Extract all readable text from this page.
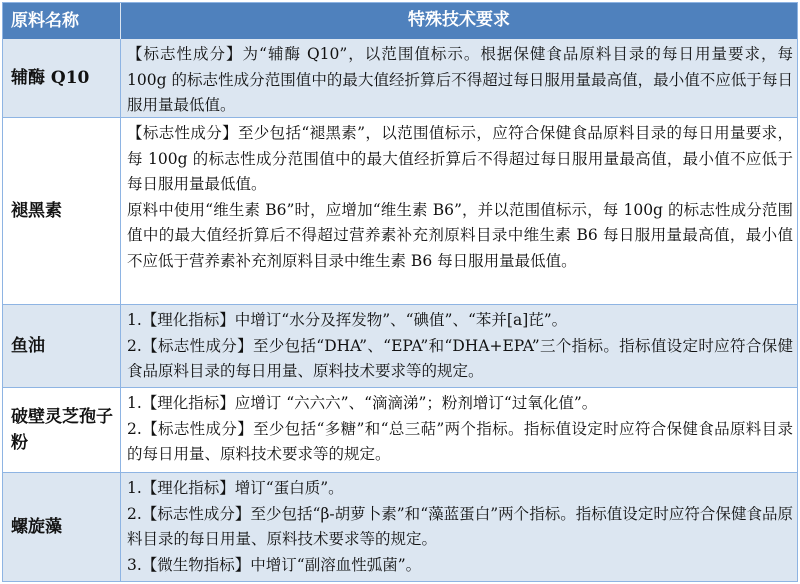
原料名称	特殊技术要求
辅酶 Q10

【标志性成分】为“辅酶 Q10”，以范围值标示。根据保健食品原料目录的每日用量要求，每 100g 的标志性成分范围值中的最大值经折算后不得超过每日服用量最高值，最小值不应低于每日服用量最低值。

褪黑素

【标志性成分】至少包括“褪黑素”，以范围值标示，应符合保健食品原料目录的每日用量要求，每 100g 的标志性成分范围值中的最大值经折算后不得超过每日服用量最高值，最小值不应低于每日服用量最低值。

原料中使用“维生素 B6”时，应增加“维生素 B6”，并以范围值标示，每 100g 的标志性成分范围值中的最大值经折算后不得超过营养素补充剂原料目录中维生素 B6 每日服用量最高值，最小值不应低于营养素补充剂原料目录中维生素 B6 每日服用量最低值。

鱼油

1.【理化指标】中增订“水分及挥发物”、“碘值”、“苯并[a]芘”。

2.【标志性成分】至少包括“DHA”、“EPA”和“DHA+EPA”三个指标。指标值设定时应符合保健食品原料目录的每日用量、原料技术要求等的规定。

破壁灵芝孢子粉

1.【理化指标】应增订 “六六六”、“滴滴涕”；粉剂增订“过氧化值”。

2.【标志性成分】至少包括“多糖”和“总三萜”两个指标。指标值设定时应符合保健食品原料目录的每日用量、原料技术要求等的规定。

螺旋藻

1.【理化指标】增订“蛋白质”。

2.【标志性成分】至少包括“β-胡萝卜素”和“藻蓝蛋白”两个指标。指标值设定时应符合保健食品原料目录的每日用量、原料技术要求等的规定。

3.【微生物指标】中增订“副溶血性弧菌”。
